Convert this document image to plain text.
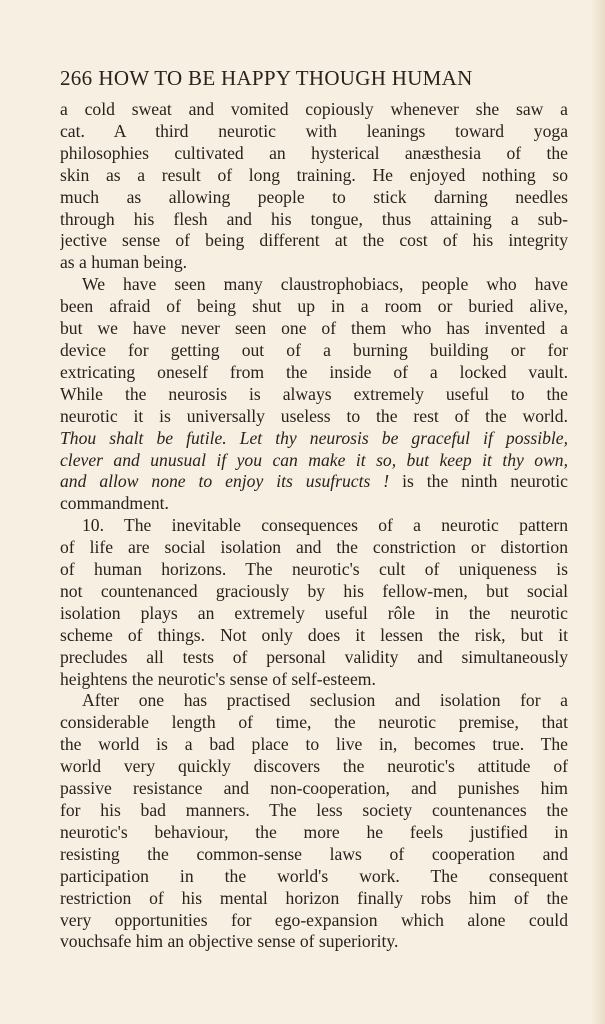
266 HOW TO BE HAPPY THOUGH HUMAN
a cold sweat and vomited copiously whenever she saw a
cat. A third neurotic with leanings toward yoga
philosophies cultivated an hysterical anæsthesia of the
skin as a result of long training. He enjoyed nothing so
much as allowing people to stick darning needles
through his flesh and his tongue, thus attaining a sub-
jective sense of being different at the cost of his integrity
as a human being.
We have seen many claustrophobiacs, people who have
been afraid of being shut up in a room or buried alive,
but we have never seen one of them who has invented a
device for getting out of a burning building or for
extricating oneself from the inside of a locked vault.
While the neurosis is always extremely useful to the
neurotic it is universally useless to the rest of the world.
Thou shalt be futile. Let thy neurosis be graceful if possible,
clever and unusual if you can make it so, but keep it thy own,
and allow none to enjoy its usufructs ! is the ninth neurotic
commandment.
10. The inevitable consequences of a neurotic pattern
of life are social isolation and the constriction or distortion
of human horizons. The neurotic's cult of uniqueness is
not countenanced graciously by his fellow-men, but social
isolation plays an extremely useful rôle in the neurotic
scheme of things. Not only does it lessen the risk, but it
precludes all tests of personal validity and simultaneously
heightens the neurotic's sense of self-esteem.
After one has practised seclusion and isolation for a
considerable length of time, the neurotic premise, that
the world is a bad place to live in, becomes true. The
world very quickly discovers the neurotic's attitude of
passive resistance and non-cooperation, and punishes him
for his bad manners. The less society countenances the
neurotic's behaviour, the more he feels justified in
resisting the common-sense laws of cooperation and
participation in the world's work. The consequent
restriction of his mental horizon finally robs him of the
very opportunities for ego-expansion which alone could
vouchsafe him an objective sense of superiority.
